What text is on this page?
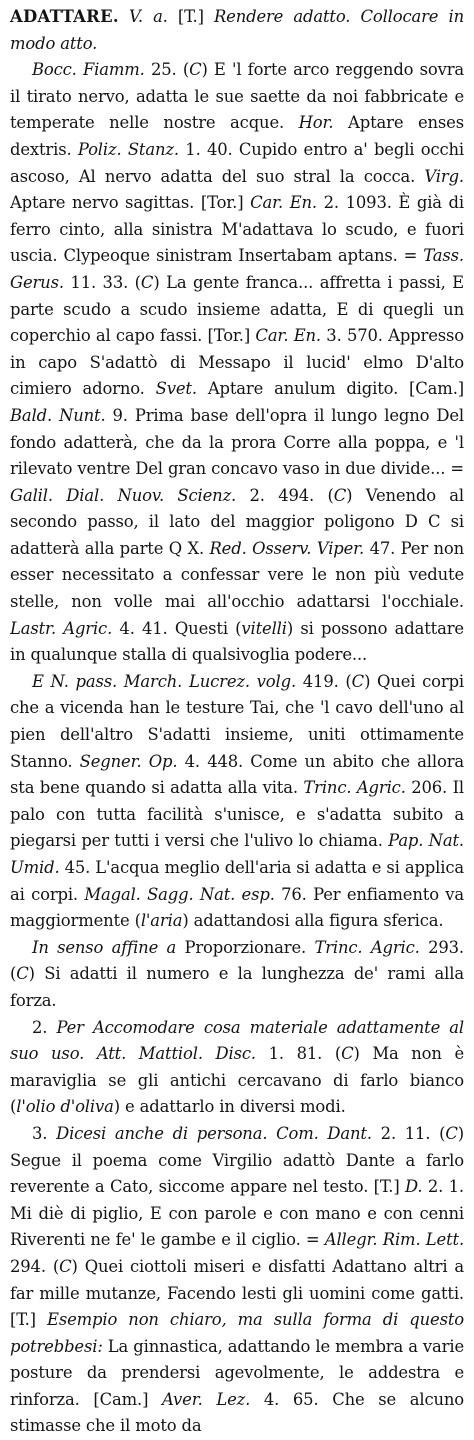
ADATTARE. V. a. [T.] Rendere adatto. Collocare in modo atto.

Bocc. Fiamm. 25. (C) E 'l forte arco reggendo sovra il tirato nervo, adatta le sue saette da noi fabbricate e temperate nelle nostre acque. Hor. Aptare enses dextris. Poliz. Stanz. 1. 40. Cupido entro a' begli occhi ascoso, Al nervo adatta del suo stral la cocca. Virg. Aptare nervo sagittas. [Tor.] Car. En. 2. 1093. È già di ferro cinto, alla sinistra M'adattava lo scudo, e fuori uscia. Clypeoque sinistram Insertabam aptans. = Tass. Gerus. 11. 33. (C) La gente franca... affretta i passi, E parte scudo a scudo insieme adatta, E di quegli un coperchio al capo fassi. [Tor.] Car. En. 3. 570. Appresso in capo S'adattò di Messapo il lucid' elmo D'alto cimiero adorno. Svet. Aptare anulum digito. [Cam.] Bald. Nunt. 9. Prima base dell'opra il lungo legno Del fondo adatterà, che da la prora Corre alla poppa, e 'l rilevato ventre Del gran concavo vaso in due divide... = Galil. Dial. Nuov. Scienz. 2. 494. (C) Venendo al secondo passo, il lato del maggior poligono D C si adatterà alla parte Q X. Red. Osserv. Viper. 47. Per non esser necessitato a confessar vere le non più vedute stelle, non volle mai all'occhio adattarsi l'occhiale. Lastr. Agric. 4. 41. Questi (vitelli) si possono adattare in qualunque stalla di qualsivoglia podere...

E N. pass. March. Lucrez. volg. 419. (C) Quei corpi che a vicenda han le testure Tai, che 'l cavo dell'uno al pien dell'altro S'adatti insieme, uniti ottimamente Stanno. Segner. Op. 4. 448. Come un abito che allora sta bene quando si adatta alla vita. Trinc. Agric. 206. Il palo con tutta facilità s'unisce, e s'adatta subito a piegarsi per tutti i versi che l'ulivo lo chiama. Pap. Nat. Umid. 45. L'acqua meglio dell'aria si adatta e si applica ai corpi. Magal. Sagg. Nat. esp. 76. Per enfiamento va maggiormente (l'aria) adattandosi alla figura sferica.

In senso affine a Proporzionare. Trinc. Agric. 293. (C) Si adatti il numero e la lunghezza de' rami alla forza.

2. Per Accomodare cosa materiale adattamente al suo uso. Att. Mattiol. Disc. 1. 81. (C) Ma non è maraviglia se gli antichi cercavano di farlo bianco (l'olio d'oliva) e adattarlo in diversi modi.

3. Dicesi anche di persona. Com. Dant. 2. 11. (C) Segue il poema come Virgilio adattò Dante a farlo reverente a Cato, siccome appare nel testo. [T.] D. 2. 1. Mi diè di piglio, E con parole e con mano e con cenni Riverenti ne fe' le gambe e il ciglio. = Allegr. Rim. Lett. 294. (C) Quei ciottoli miseri e disfatti Adattano altri a far mille mutanze, Facendo lesti gli uomini come gatti. [T.] Esempio non chiaro, ma sulla forma di questo potrebbesi: La ginnastica, adattando le membra a varie posture da prendersi agevolmente, le addestra e rinforza. [Cam.] Aver. Lez. 4. 65. Che se alcuno stimasse che il moto da
